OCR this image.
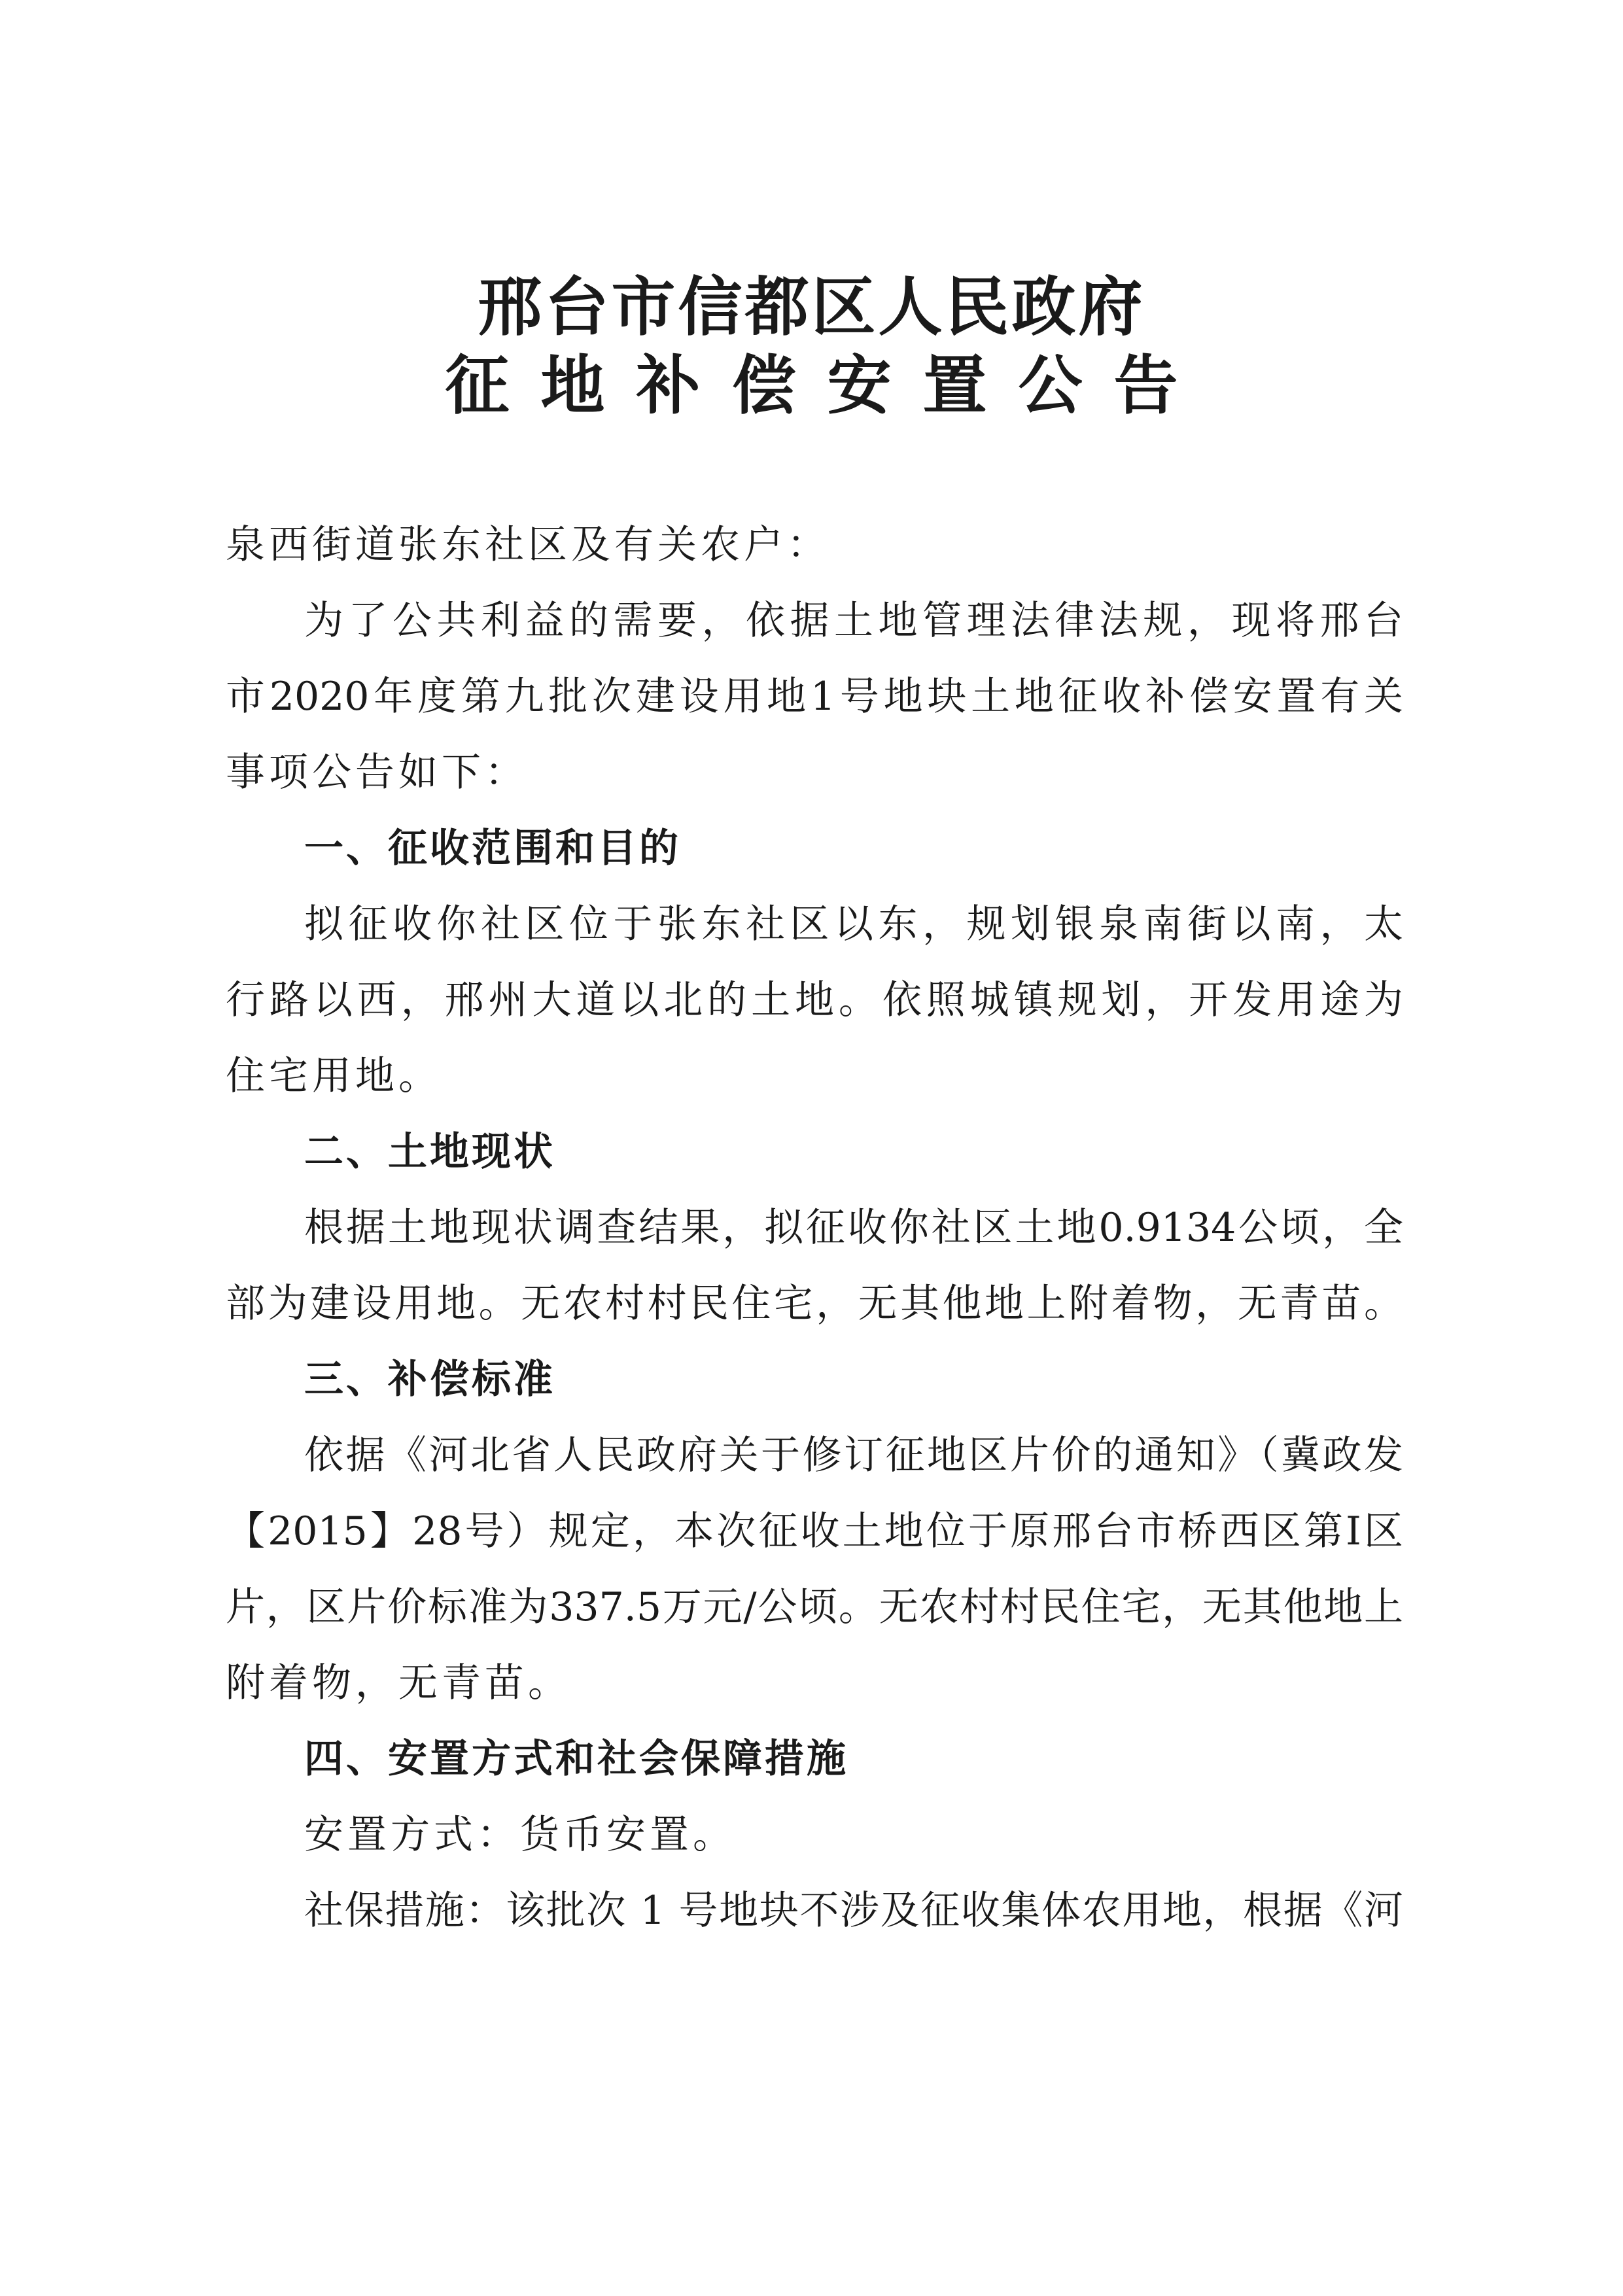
邢台市信都区人民政府
征地补偿安置公告
泉西街道张东社区及有关农户：
为了公共利益的需要，依据土地管理法律法规，现将邢台
市2020年度第九批次建设用地1号地块土地征收补偿安置有关
事项公告如下：
一、征收范围和目的
拟征收你社区位于张东社区以东，规划银泉南街以南，太
行路以西，邢州大道以北的土地。依照城镇规划，开发用途为
住宅用地。
二、土地现状
根据土地现状调查结果，拟征收你社区土地0.9134公顷，全
部为建设用地。无农村村民住宅，无其他地上附着物，无青苗。
三、补偿标准
依据《河北省人民政府关于修订征地区片价的通知》（冀政发
【2015】28号）规定，本次征收土地位于原邢台市桥西区第Ⅰ区
片，区片价标准为337.5万元/公顷。无农村村民住宅，无其他地上
附着物，无青苗。
四、安置方式和社会保障措施
安置方式：货币安置。
社保措施：该批次 1 号地块不涉及征收集体农用地，根据《河
